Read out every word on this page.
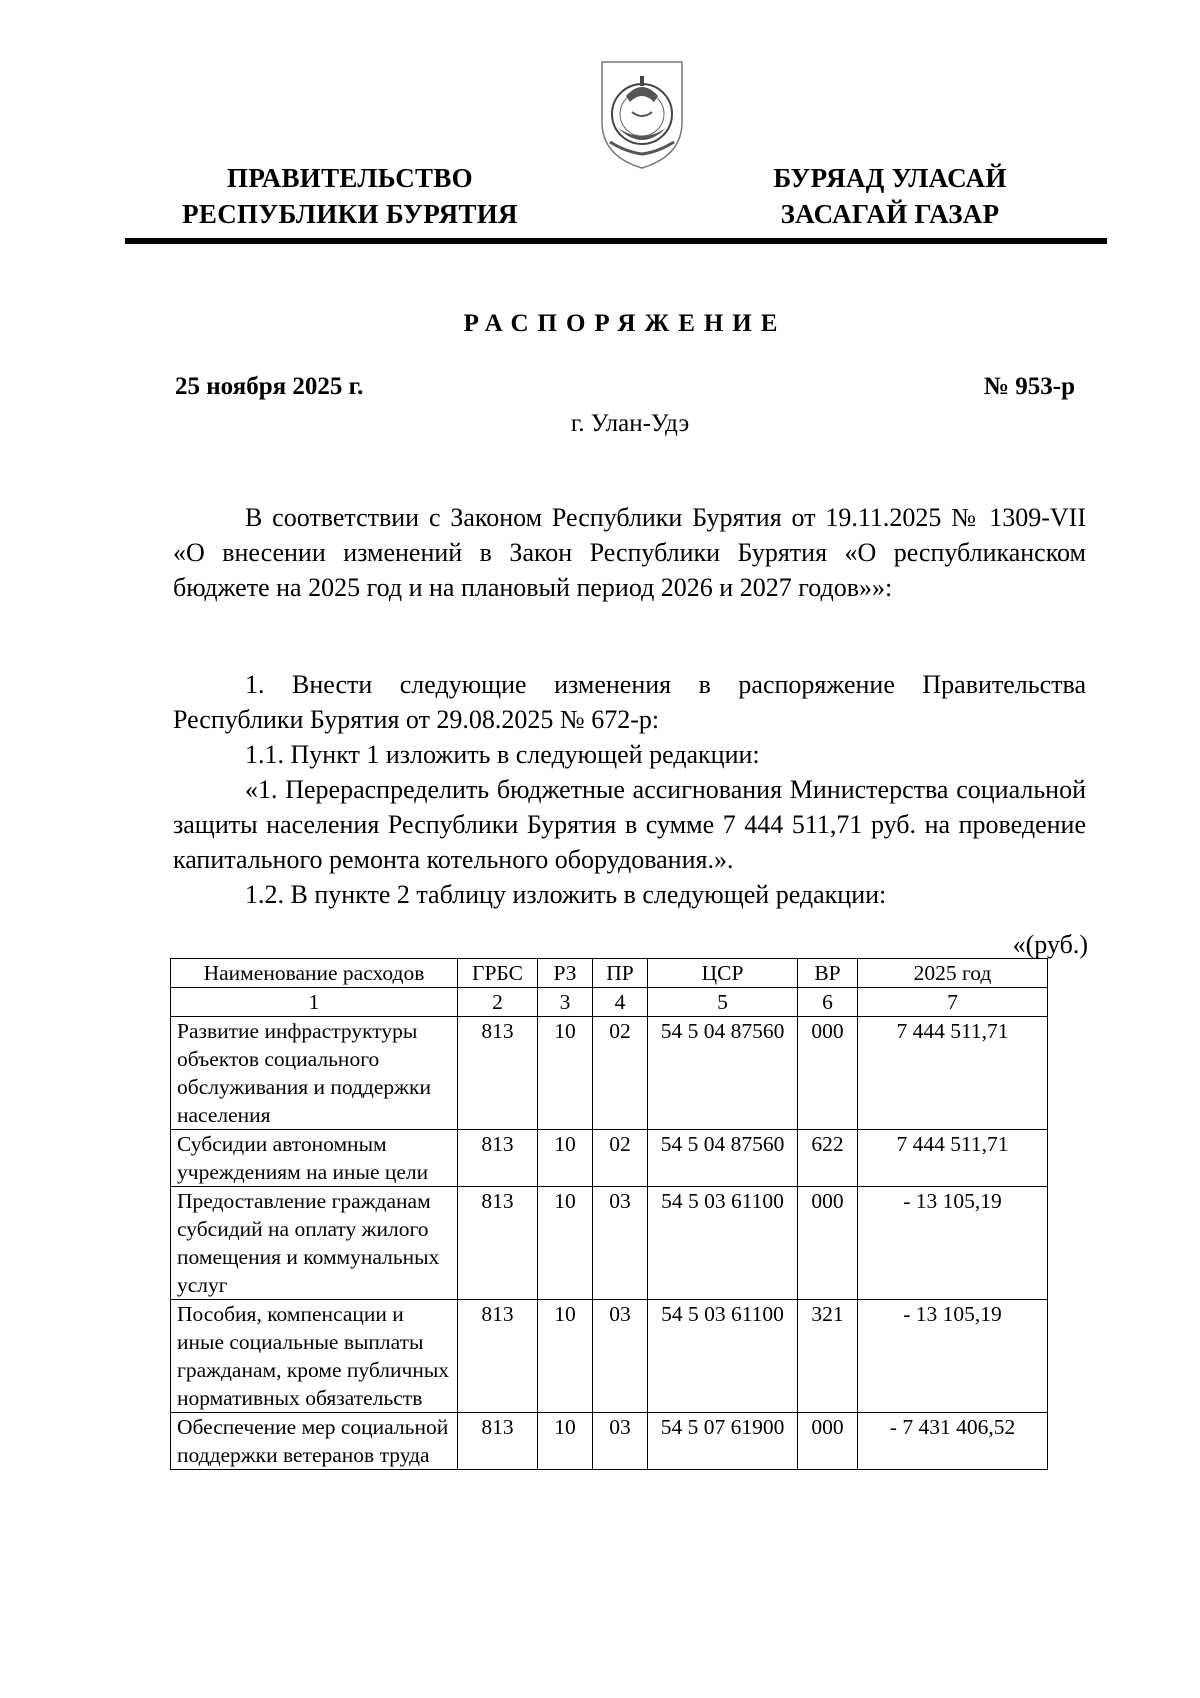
ПРАВИТЕЛЬСТВО
РЕСПУБЛИКИ БУРЯТИЯ
БУРЯАД УЛАСАЙ
ЗАСАГАЙ ГАЗАР
РАСПОРЯЖЕНИЕ
25 ноября 2025 г.	№ 953-р
г. Улан-Удэ
В соответствии с Законом Республики Бурятия от 19.11.2025 № 1309-VII «О внесении изменений в Закон Республики Бурятия «О республиканском бюджете на 2025 год и на плановый период 2026 и 2027 годов»»:

1. Внести следующие изменения в распоряжение Правительства Республики Бурятия от 29.08.2025 № 672-р:

1.1. Пункт 1 изложить в следующей редакции:

«1. Перераспределить бюджетные ассигнования Министерства социальной защиты населения Республики Бурятия в сумме 7 444 511,71 руб. на проведение капитального ремонта котельного оборудования.».

1.2. В пункте 2 таблицу изложить в следующей редакции:

«(руб.)
Наименование расходов	ГРБС	РЗ	ПР	ЦСР	ВР	2025 год
1	2	3	4	5	6	7
Развитие инфраструктуры объектов социального обслуживания и поддержки населения	813	10	02	54 5 04 87560	000	7 444 511,71
Субсидии автономным учреждениям на иные цели	813	10	02	54 5 04 87560	622	7 444 511,71
Предоставление гражданам субсидий на оплату жилого помещения и коммунальных услуг	813	10	03	54 5 03 61100	000	- 13 105,19
Пособия, компенсации и иные социальные выплаты гражданам, кроме публичных нормативных обязательств	813	10	03	54 5 03 61100	321	- 13 105,19
Обеспечение мер социальной поддержки ветеранов труда	813	10	03	54 5 07 61900	000	- 7 431 406,52
